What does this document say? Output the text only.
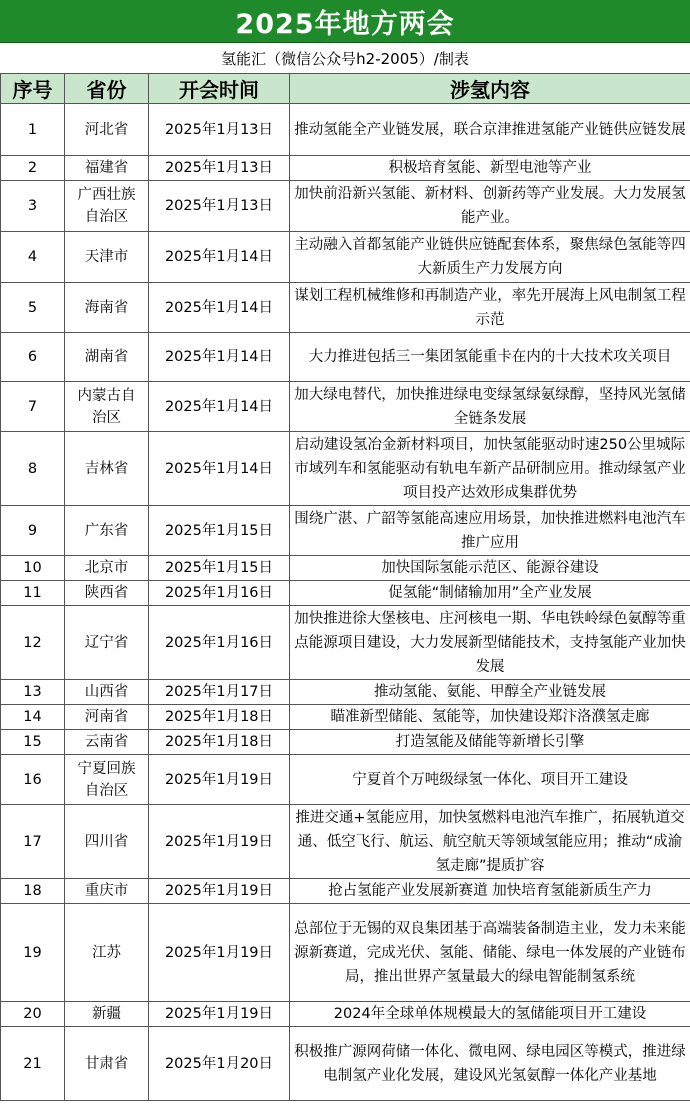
2025年地方两会
氢能汇（微信公众号h2-2005）/制表
序号	省份	开会时间	涉氢内容
1	河北省	2025年1月13日	推动氢能全产业链发展，联合京津推进氢能产业链供应链发展
2	福建省	2025年1月13日	积极培育氢能、新型电池等产业
3	广西壮族自治区	2025年1月13日	加快前沿新兴氢能、新材料、创新药等产业发展。大力发展氢能产业。
4	天津市	2025年1月14日	主动融入首都氢能产业链供应链配套体系，聚焦绿色氢能等四大新质生产力发展方向
5	海南省	2025年1月14日	谋划工程机械维修和再制造产业，率先开展海上风电制氢工程示范
6	湖南省	2025年1月14日	大力推进包括三一集团氢能重卡在内的十大技术攻关项目
7	内蒙古自治区	2025年1月14日	加大绿电替代，加快推进绿电变绿氢绿氨绿醇，坚持风光氢储全链条发展
8	吉林省	2025年1月14日	启动建设氢冶金新材料项目，加快氢能驱动时速250公里城际市域列车和氢能驱动有轨电车新产品研制应用。推动绿氢产业项目投产达效形成集群优势
9	广东省	2025年1月15日	围绕广湛、广韶等氢能高速应用场景，加快推进燃料电池汽车推广应用
10	北京市	2025年1月15日	加快国际氢能示范区、能源谷建设
11	陕西省	2025年1月16日	促氢能“制储输加用”全产业发展
12	辽宁省	2025年1月16日	加快推进徐大堡核电、庄河核电一期、华电铁岭绿色氨醇等重点能源项目建设，大力发展新型储能技术，支持氢能产业加快发展
13	山西省	2025年1月17日	推动氢能、氨能、甲醇全产业链发展
14	河南省	2025年1月18日	瞄准新型储能、氢能等，加快建设郑汴洛濮氢走廊
15	云南省	2025年1月18日	打造氢能及储能等新增长引擎
16	宁夏回族自治区	2025年1月19日	宁夏首个万吨级绿氢一体化、项目开工建设
17	四川省	2025年1月19日	推进交通+氢能应用，加快氢燃料电池汽车推广，拓展轨道交通、低空飞行、航运、航空航天等领域氢能应用；推动“成渝氢走廊”提质扩容
18	重庆市	2025年1月19日	抢占氢能产业发展新赛道 加快培育氢能新质生产力
19	江苏	2025年1月19日	总部位于无锡的双良集团基于高端装备制造主业，发力未来能源新赛道，完成光伏、氢能、储能、绿电一体发展的产业链布局，推出世界产氢量最大的绿电智能制氢系统
20	新疆	2025年1月19日	2024年全球单体规模最大的氢储能项目开工建设
21	甘肃省	2025年1月20日	积极推广源网荷储一体化、微电网、绿电园区等模式，推进绿电制氢产业化发展，建设风光氢氨醇一体化产业基地
